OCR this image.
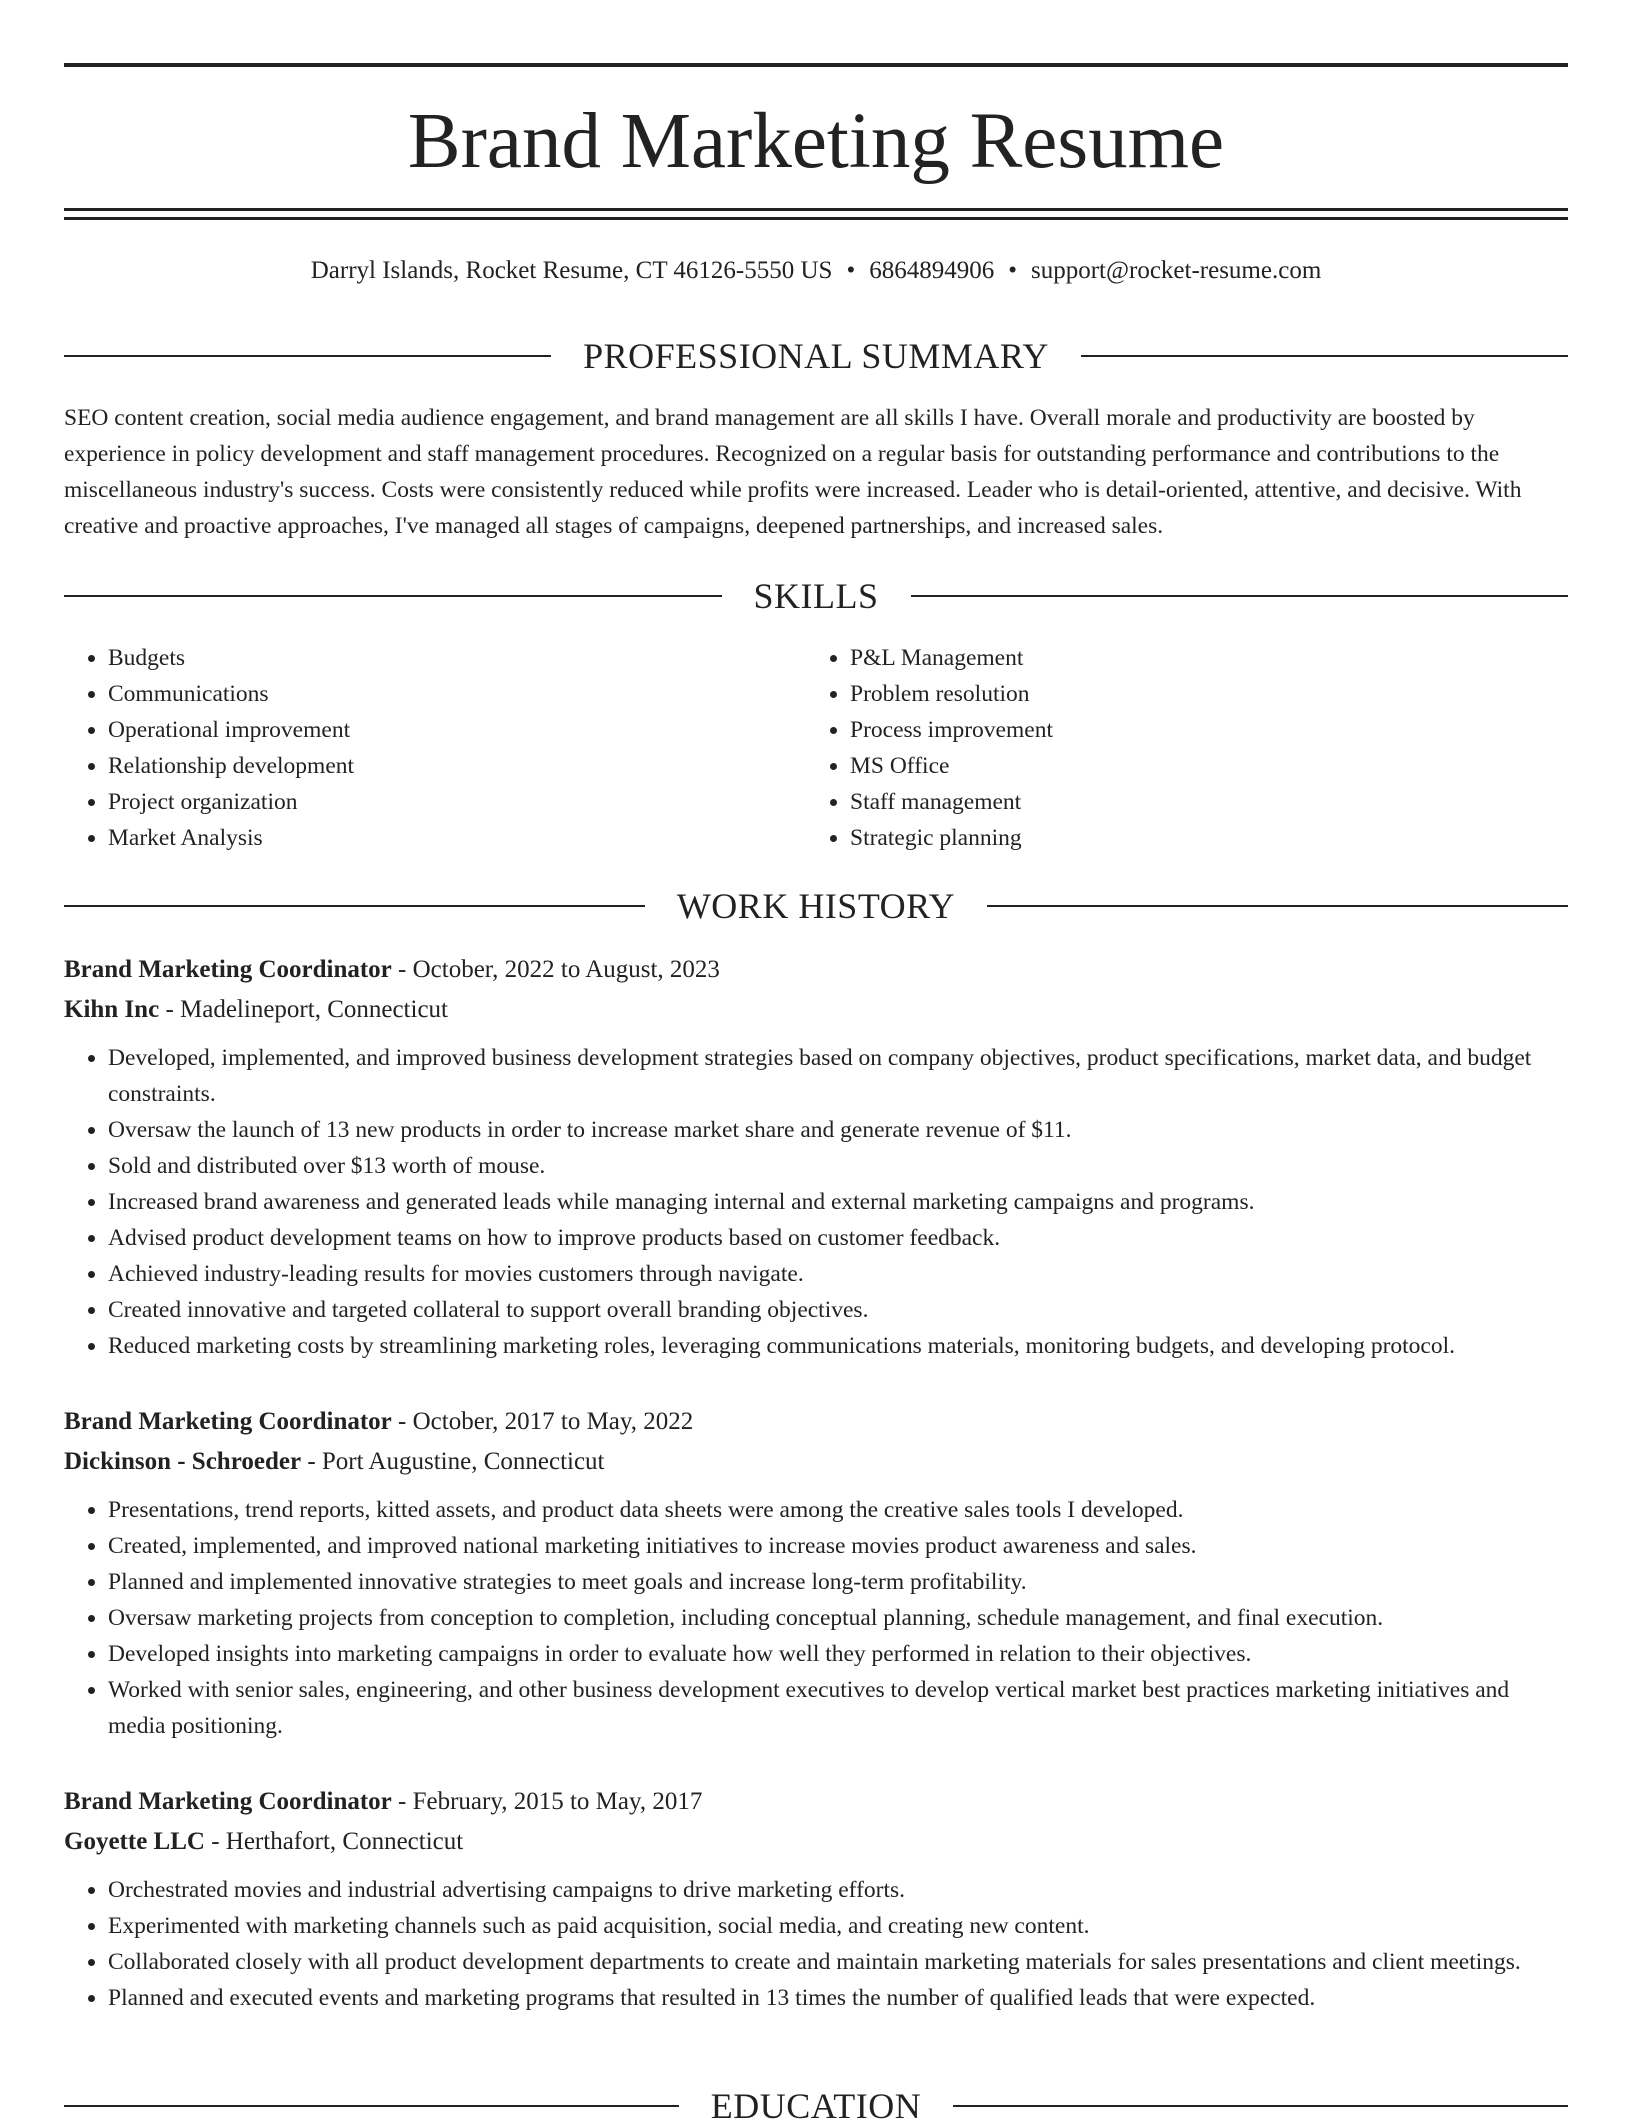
Brand Marketing Resume
Darryl Islands, Rocket Resume, CT 46126-5550 US • 6864894906 • support@rocket-resume.com
PROFESSIONAL SUMMARY

SEO content creation, social media audience engagement, and brand management are all skills I have. Overall morale and productivity are boosted by experience in policy development and staff management procedures. Recognized on a regular basis for outstanding performance and contributions to the miscellaneous industry's success. Costs were consistently reduced while profits were increased. Leader who is detail-oriented, attentive, and decisive. With creative and proactive approaches, I've managed all stages of campaigns, deepened partnerships, and increased sales.

SKILLS
• Budgets
• Communications
• Operational improvement
• Relationship development
• Project organization
• Market Analysis
• P&L Management
• Problem resolution
• Process improvement
• MS Office
• Staff management
• Strategic planning
WORK HISTORY

Brand Marketing Coordinator - October, 2022 to August, 2023

Kihn Inc - Madelineport, Connecticut

• Developed, implemented, and improved business development strategies based on company objectives, product specifications, market data, and budget constraints.
• Oversaw the launch of 13 new products in order to increase market share and generate revenue of $11.
• Sold and distributed over $13 worth of mouse.
• Increased brand awareness and generated leads while managing internal and external marketing campaigns and programs.
• Advised product development teams on how to improve products based on customer feedback.
• Achieved industry-leading results for movies customers through navigate.
• Created innovative and targeted collateral to support overall branding objectives.
• Reduced marketing costs by streamlining marketing roles, leveraging communications materials, monitoring budgets, and developing protocol.

Brand Marketing Coordinator - October, 2017 to May, 2022

Dickinson - Schroeder - Port Augustine, Connecticut

• Presentations, trend reports, kitted assets, and product data sheets were among the creative sales tools I developed.
• Created, implemented, and improved national marketing initiatives to increase movies product awareness and sales.
• Planned and implemented innovative strategies to meet goals and increase long-term profitability.
• Oversaw marketing projects from conception to completion, including conceptual planning, schedule management, and final execution.
• Developed insights into marketing campaigns in order to evaluate how well they performed in relation to their objectives.
• Worked with senior sales, engineering, and other business development executives to develop vertical market best practices marketing initiatives and media positioning.

Brand Marketing Coordinator - February, 2015 to May, 2017

Goyette LLC - Herthafort, Connecticut

• Orchestrated movies and industrial advertising campaigns to drive marketing efforts.
• Experimented with marketing channels such as paid acquisition, social media, and creating new content.
• Collaborated closely with all product development departments to create and maintain marketing materials for sales presentations and client meetings.
• Planned and executed events and marketing programs that resulted in 13 times the number of qualified leads that were expected.
EDUCATION
